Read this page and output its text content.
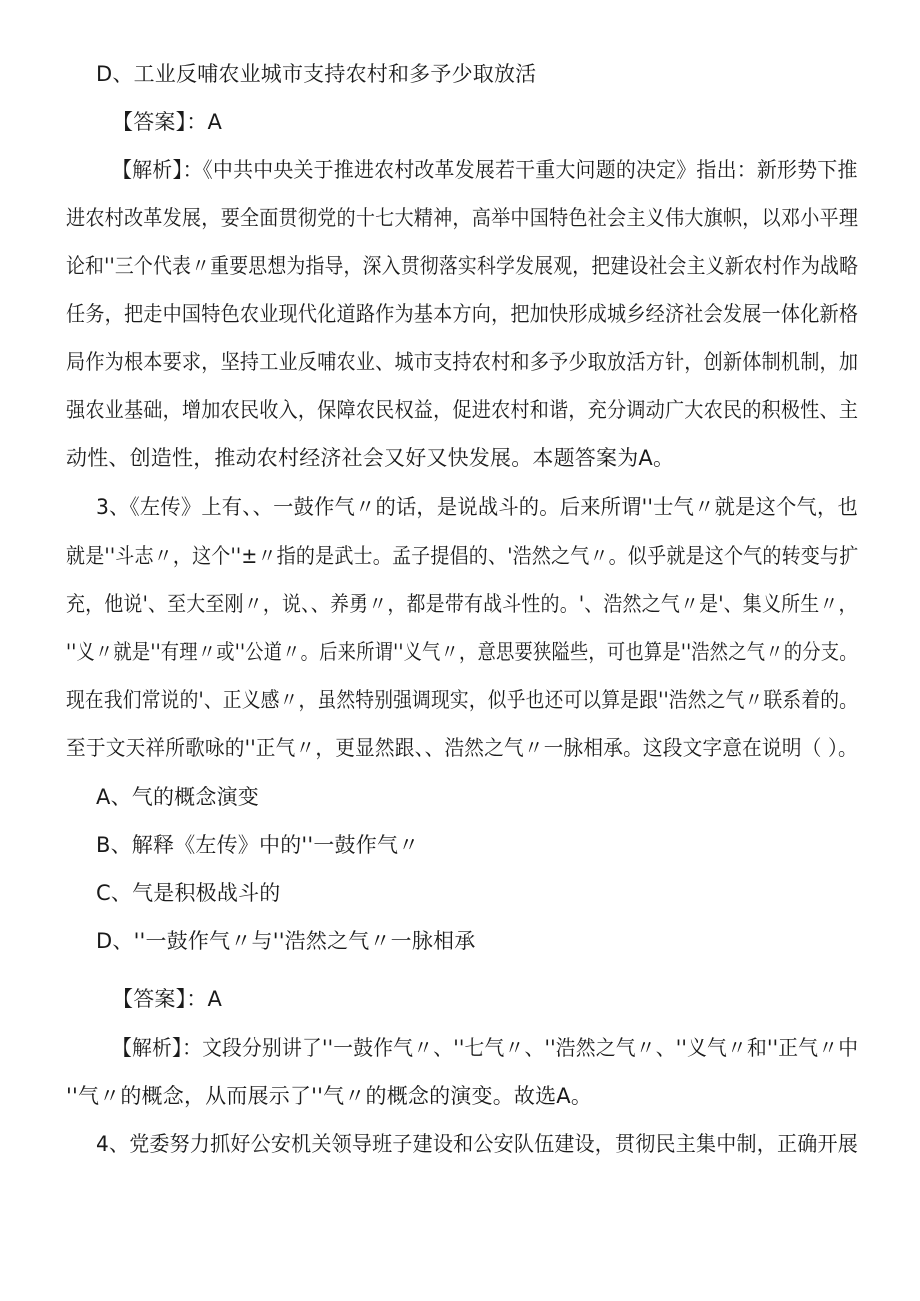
D、工业反哺农业城市支持农村和多予少取放活
【答案】：A
【解析】：《中共中央关于推进农村改革发展若干重大问题的决定》指出：新形势下推
进农村改革发展，要全面贯彻党的十七大精神，高举中国特色社会主义伟大旗帜，以邓小平理
论和''三个代表〃重要思想为指导，深入贯彻落实科学发展观，把建设社会主义新农村作为战略
任务，把走中国特色农业现代化道路作为基本方向，把加快形成城乡经济社会发展一体化新格
局作为根本要求，坚持工业反哺农业、城市支持农村和多予少取放活方针，创新体制机制，加
强农业基础，增加农民收入，保障农民权益，促进农村和谐，充分调动广大农民的积极性、主
动性、创造性，推动农村经济社会又好又快发展。本题答案为A。
3、《左传》上有、、一鼓作气〃的话，是说战斗的。后来所谓''士气〃就是这个气，也
就是''斗志〃，这个''±〃指的是武士。孟子提倡的、'浩然之气〃。似乎就是这个气的转变与扩
充，他说'、至大至刚〃，说、、养勇〃，都是带有战斗性的。'、浩然之气〃是'、集义所生〃，
''义〃就是''有理〃或''公道〃。后来所谓''义气〃，意思要狭隘些，可也算是''浩然之气〃的分支。
现在我们常说的'、正义感〃，虽然特别强调现实，似乎也还可以算是跟''浩然之气〃联系着的。
至于文天祥所歌咏的''正气〃，更显然跟、、浩然之气〃一脉相承。这段文字意在说明（ ）。
A、气的概念演变
B、解释《左传》中的''一鼓作气〃
C、气是积极战斗的
D、''一鼓作气〃与''浩然之气〃一脉相承
【答案】：A
【解析】：文段分别讲了''一鼓作气〃、''七气〃、''浩然之气〃、''义气〃和''正气〃中
''气〃的概念，从而展示了''气〃的概念的演变。故选A。
4、党委努力抓好公安机关领导班子建设和公安队伍建设，贯彻民主集中制，正确开展
